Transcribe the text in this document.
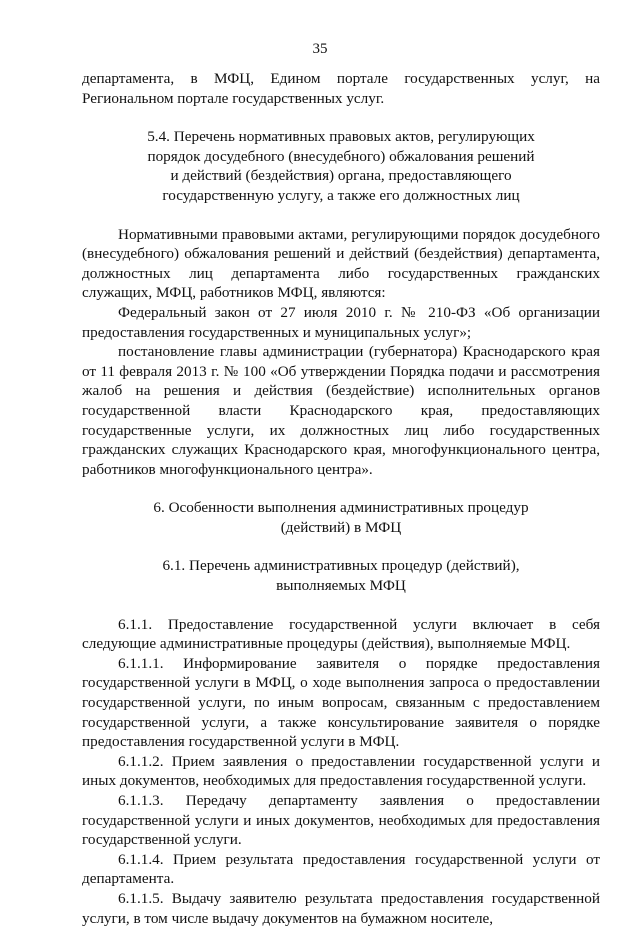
35

департамента, в МФЦ, Едином портале государственных услуг, на Региональном портале государственных услуг.

5.4. Перечень нормативных правовых актов, регулирующих
порядок досудебного (внесудебного) обжалования решений
и действий (бездействия) органа, предоставляющего
государственную услугу, а также его должностных лиц

Нормативными правовыми актами, регулирующими порядок досудебного (внесудебного) обжалования решений и действий (бездействия) департамента, должностных лиц департамента либо государственных гражданских служащих, МФЦ, работников МФЦ, являются:

Федеральный закон от 27 июля 2010 г. № 210-ФЗ «Об организации предоставления государственных и муниципальных услуг»;

постановление главы администрации (губернатора) Краснодарского края от 11 февраля 2013 г. № 100 «Об утверждении Порядка подачи и рассмотрения жалоб на решения и действия (бездействие) исполнительных органов государственной власти Краснодарского края, предоставляющих государственные услуги, их должностных лиц либо государственных гражданских служащих Краснодарского края, многофункционального центра, работников многофункционального центра».

6. Особенности выполнения административных процедур
(действий) в МФЦ
6.1. Перечень административных процедур (действий),
выполняемых МФЦ

6.1.1. Предоставление государственной услуги включает в себя следующие административные процедуры (действия), выполняемые МФЦ.

6.1.1.1. Информирование заявителя о порядке предоставления государственной услуги в МФЦ, о ходе выполнения запроса о предоставлении государственной услуги, по иным вопросам, связанным с предоставлением государственной услуги, а также консультирование заявителя о порядке предоставления государственной услуги в МФЦ.

6.1.1.2. Прием заявления о предоставлении государственной услуги и иных документов, необходимых для предоставления государственной услуги.

6.1.1.3. Передачу департаменту заявления о предоставлении государственной услуги и иных документов, необходимых для предоставления государственной услуги.

6.1.1.4. Прием результата предоставления государственной услуги от департамента.

6.1.1.5. Выдачу заявителю результата предоставления государственной услуги, в том числе выдачу документов на бумажном носителе,
